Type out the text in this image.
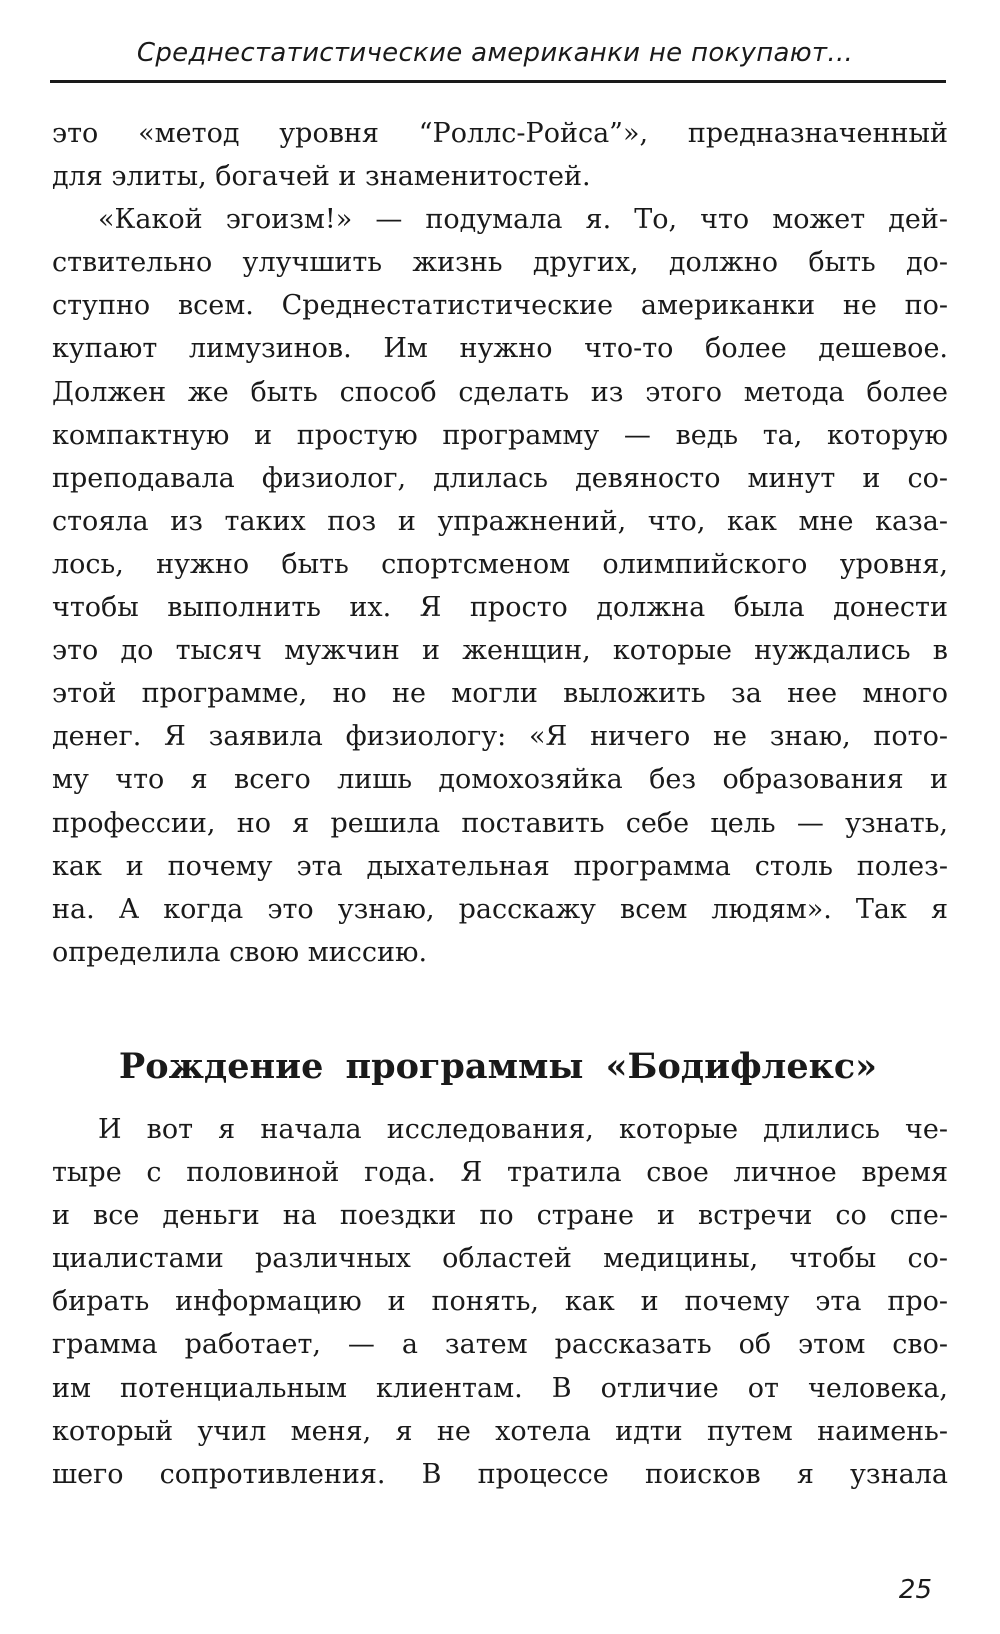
Среднестатистические американки не покупают...
это «метод уровня “Роллс-Ройса”», предназначенный
для элиты, богачей и знаменитостей.
«Какой эгоизм!» — подумала я. То, что может дей-
ствительно улучшить жизнь других, должно быть до-
ступно всем. Среднестатистические американки не по-
купают лимузинов. Им нужно что-то более дешевое.
Должен же быть способ сделать из этого метода более
компактную и простую программу — ведь та, которую
преподавала физиолог, длилась девяносто минут и со-
стояла из таких поз и упражнений, что, как мне каза-
лось, нужно быть спортсменом олимпийского уровня,
чтобы выполнить их. Я просто должна была донести
это до тысяч мужчин и женщин, которые нуждались в
этой программе, но не могли выложить за нее много
денег. Я заявила физиологу: «Я ничего не знаю, пото-
му что я всего лишь домохозяйка без образования и
профессии, но я решила поставить себе цель — узнать,
как и почему эта дыхательная программа столь полез-
на. А когда это узнаю, расскажу всем людям». Так я
определила свою миссию.
Рождение программы «Бодифлекс»
И вот я начала исследования, которые длились че-
тыре с половиной года. Я тратила свое личное время
и все деньги на поездки по стране и встречи со спе-
циалистами различных областей медицины, чтобы со-
бирать информацию и понять, как и почему эта про-
грамма работает, — а затем рассказать об этом сво-
им потенциальным клиентам. В отличие от человека,
который учил меня, я не хотела идти путем наимень-
шего сопротивления. В процессе поисков я узнала
25
